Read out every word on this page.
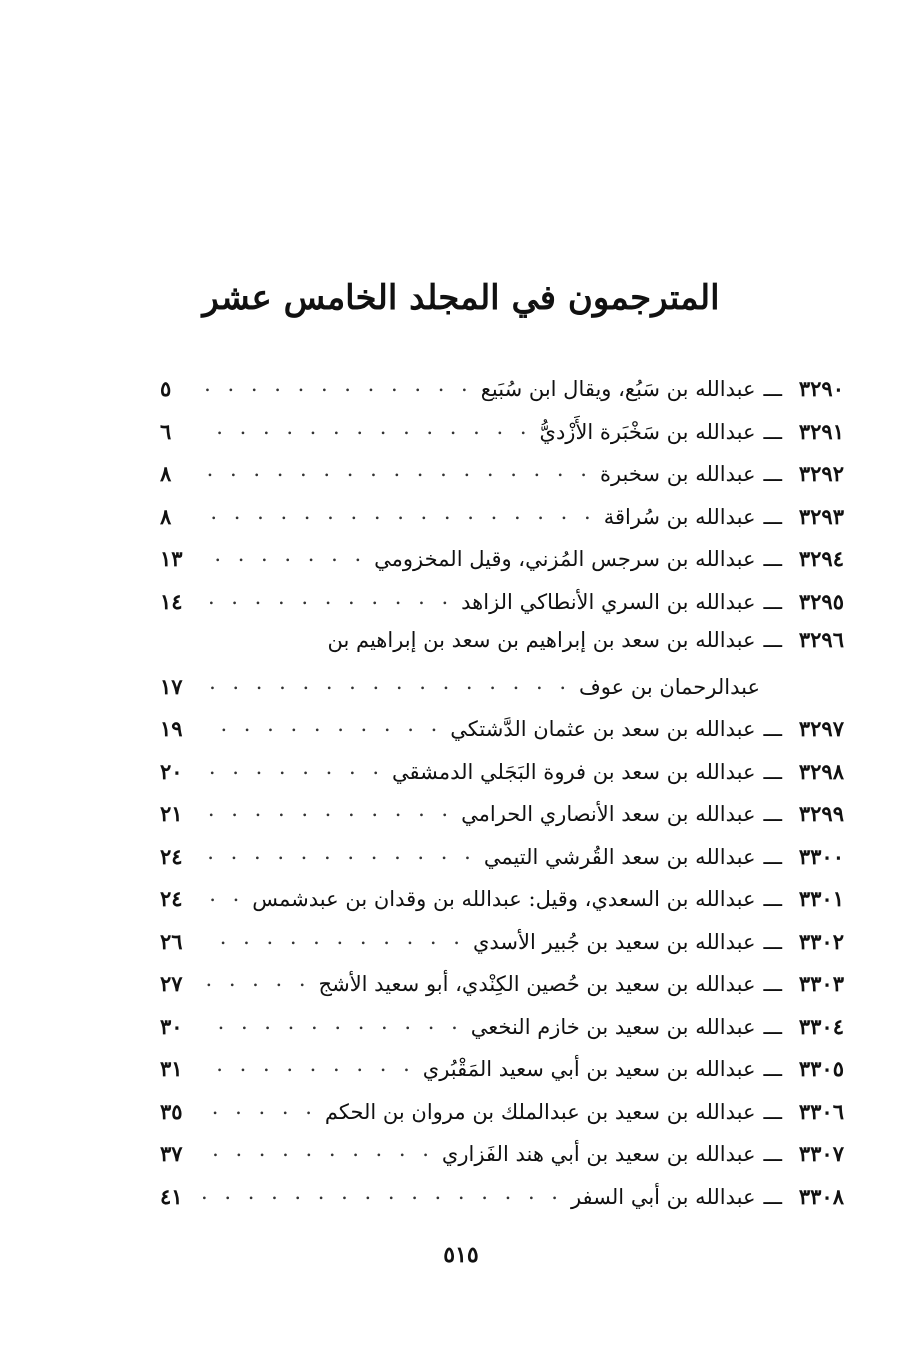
المترجمون في المجلد الخامس عشر
٣٢٩٠
ـــ
عبدالله بن سَبُع، ويقال ابن سُبَيع
. . .
٥
٣٢٩١
ـــ
عبدالله بن سَخْبَرة الأَزْديُّ
. . .
٦
٣٢٩٢
ـــ
عبدالله بن سخبرة
. . .
٨
٣٢٩٣
ـــ
عبدالله بن سُراقة
. . .
٨
٣٢٩٤
ـــ
عبدالله بن سرجس المُزني، وقيل المخزومي
. . .
١٣
٣٢٩٥
ـــ
عبدالله بن السري الأنطاكي الزاهد
. . .
١٤
٣٢٩٦
ـــ
عبدالله بن سعد بن إبراهيم بن سعد بن إبراهيم بن
عبدالرحمان بن عوف
. . .
١٧
٣٢٩٧
ـــ
عبدالله بن سعد بن عثمان الدَّشتكي
. . .
١٩
٣٢٩٨
ـــ
عبدالله بن سعد بن فروة البَجَلي الدمشقي
. . .
٢٠
٣٢٩٩
ـــ
عبدالله بن سعد الأنصاري الحرامي
. . .
٢١
٣٣٠٠
ـــ
عبدالله بن سعد القُرشي التيمي
. . .
٢٤
٣٣٠١
ـــ
عبدالله بن السعدي، وقيل: عبدالله بن وقدان بن عبدشمس
. . .
٢٤
٣٣٠٢
ـــ
عبدالله بن سعيد بن جُبير الأسدي
. . .
٢٦
٣٣٠٣
ـــ
عبدالله بن سعيد بن حُصين الكِنْدي، أبو سعيد الأشج
. . .
٢٧
٣٣٠٤
ـــ
عبدالله بن سعيد بن خازم النخعي
. . .
٣٠
٣٣٠٥
ـــ
عبدالله بن سعيد بن أبي سعيد المَقْبُري
. . .
٣١
٣٣٠٦
ـــ
عبدالله بن سعيد بن عبدالملك بن مروان بن الحكم
. . .
٣٥
٣٣٠٧
ـــ
عبدالله بن سعيد بن أبي هند الفَزاري
. . .
٣٧
٣٣٠٨
ـــ
عبدالله بن أبي السفر
. . .
٤١
٥١٥
